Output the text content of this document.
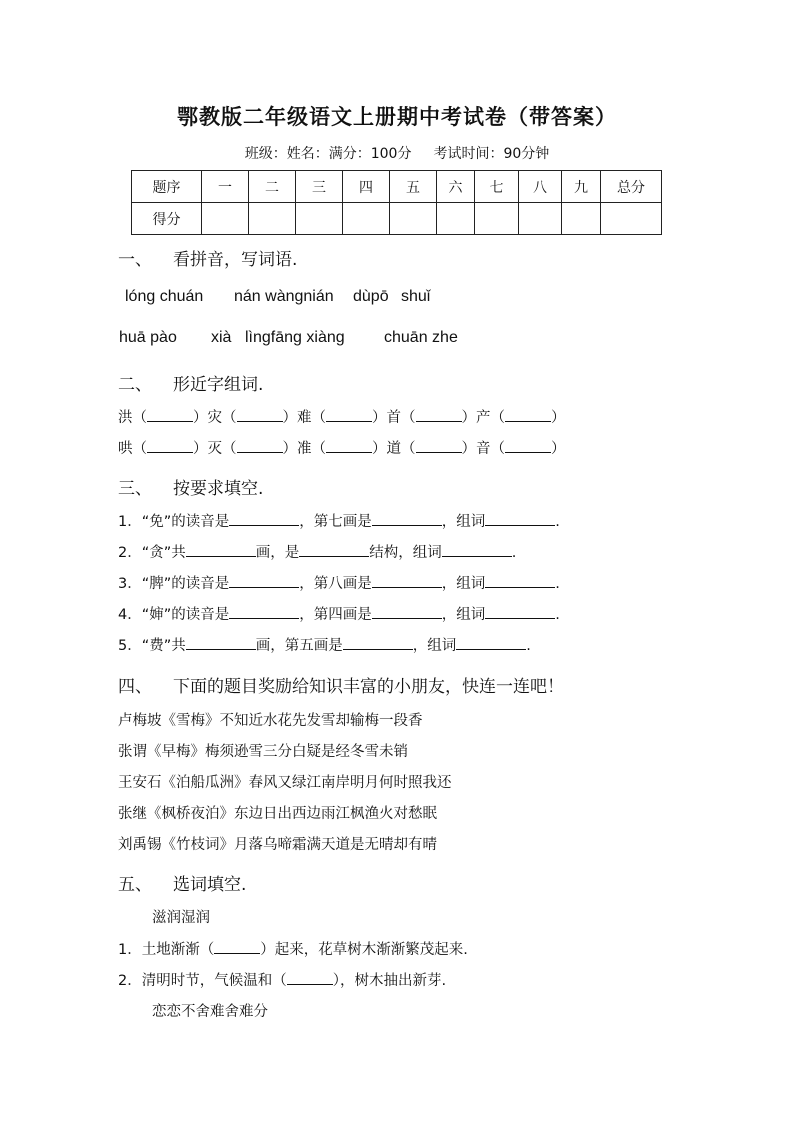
鄂教版二年级语文上册期中考试卷（带答案）
班级：姓名：满分：100分 考试时间：90分钟
题序	一	二	三	四	五	六	七	八	九	总分
得分										
一、 看拼音，写词语.
lóng chuán nán wàngnián dùpō shuǐ
huā pào xià lìngfāng xiàng chuān zhe
二、 形近字组词.
洪（	）灾（	）难（	）首（	）产（	）
哄（	）灭（	）准（	）道（	）音（	）
三、 按要求填空.
1．“免”的读音是	，第七画是	，组词	.
2．“贪”共	画，是	结构，组词	.
3．“脾”的读音是	，第八画是	，组词	.
4．“婶”的读音是	，第四画是	，组词	.
5．“费”共	画，第五画是	，组词	.
四、 下面的题目奖励给知识丰富的小朋友，快连一连吧！
卢梅坡《雪梅》不知近水花先发雪却输梅一段香
张谓《早梅》梅须逊雪三分白疑是经冬雪未销
王安石《泊船瓜洲》春风又绿江南岸明月何时照我还
张继《枫桥夜泊》东边日出西边雨江枫渔火对愁眠
刘禹锡《竹枝词》月落乌啼霜满天道是无晴却有晴
五、 选词填空.
滋润湿润
1．土地渐渐（	）起来，花草树木渐渐繁茂起来.
2．清明时节，气候温和（	），树木抽出新芽.
恋恋不舍难舍难分
